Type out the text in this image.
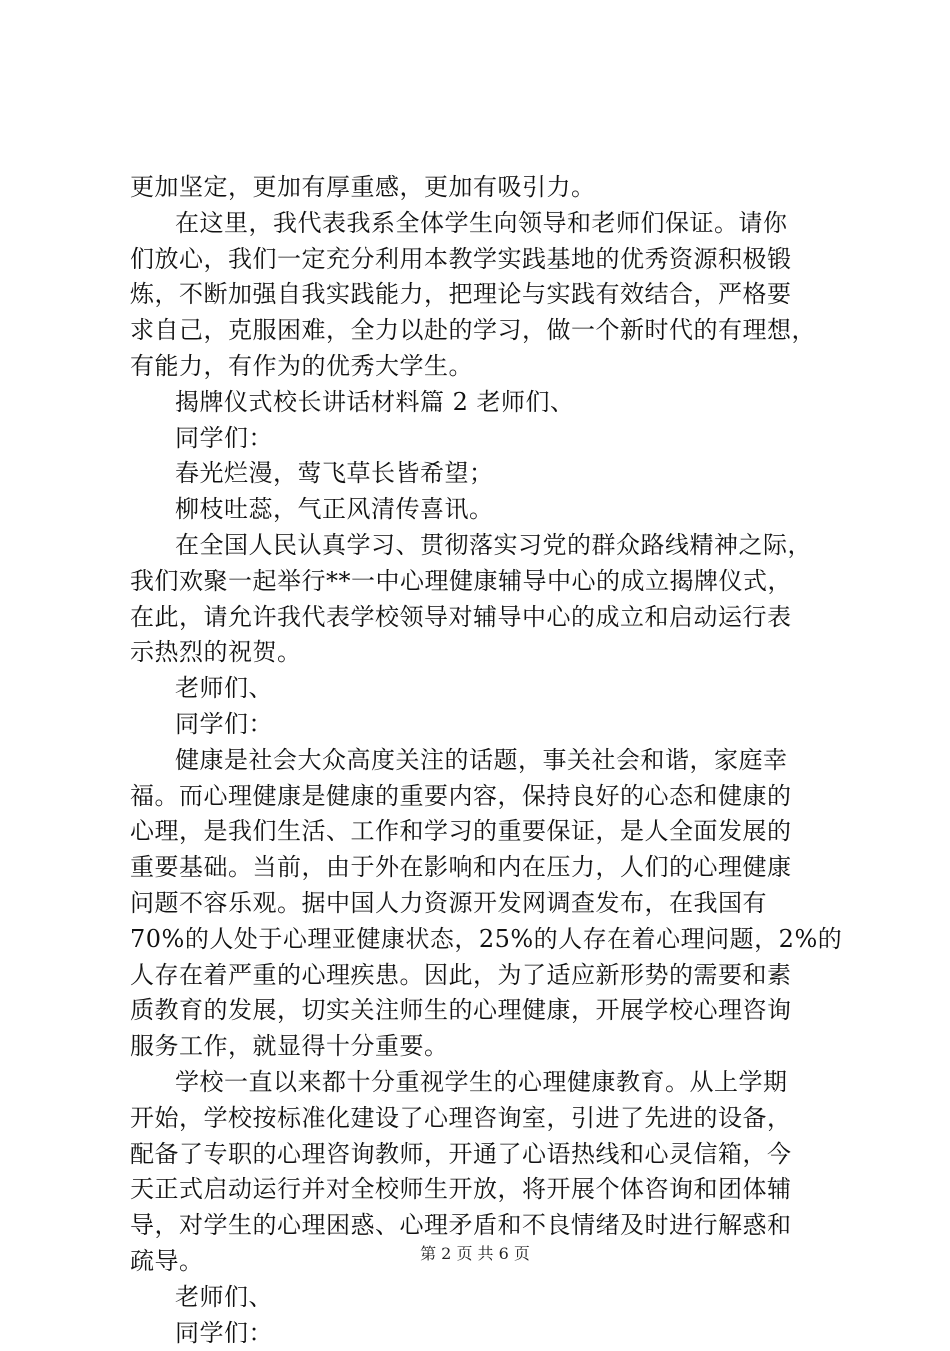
更加坚定，更加有厚重感，更加有吸引力。
在这里，我代表我系全体学生向领导和老师们保证。请你
们放心，我们一定充分利用本教学实践基地的优秀资源积极锻
炼，不断加强自我实践能力，把理论与实践有效结合，严格要
求自己，克服困难，全力以赴的学习，做一个新时代的有理想，
有能力，有作为的优秀大学生。
揭牌仪式校长讲话材料篇 2 老师们、
同学们：
春光烂漫，莺飞草长皆希望；
柳枝吐蕊，气正风清传喜讯。
在全国人民认真学习、贯彻落实习党的群众路线精神之际，
我们欢聚一起举行**一中心理健康辅导中心的成立揭牌仪式，
在此，请允许我代表学校领导对辅导中心的成立和启动运行表
示热烈的祝贺。
老师们、
同学们：
健康是社会大众高度关注的话题，事关社会和谐，家庭幸
福。而心理健康是健康的重要内容，保持良好的心态和健康的
心理，是我们生活、工作和学习的重要保证，是人全面发展的
重要基础。当前，由于外在影响和内在压力，人们的心理健康
问题不容乐观。据中国人力资源开发网调查发布，在我国有
70%的人处于心理亚健康状态，25%的人存在着心理问题，2%的
人存在着严重的心理疾患。因此，为了适应新形势的需要和素
质教育的发展，切实关注师生的心理健康，开展学校心理咨询
服务工作，就显得十分重要。
学校一直以来都十分重视学生的心理健康教育。从上学期
开始，学校按标准化建设了心理咨询室，引进了先进的设备，
配备了专职的心理咨询教师，开通了心语热线和心灵信箱，今
天正式启动运行并对全校师生开放，将开展个体咨询和团体辅
导，对学生的心理困惑、心理矛盾和不良情绪及时进行解惑和
疏导。
老师们、
同学们：
第 2 页 共 6 页
